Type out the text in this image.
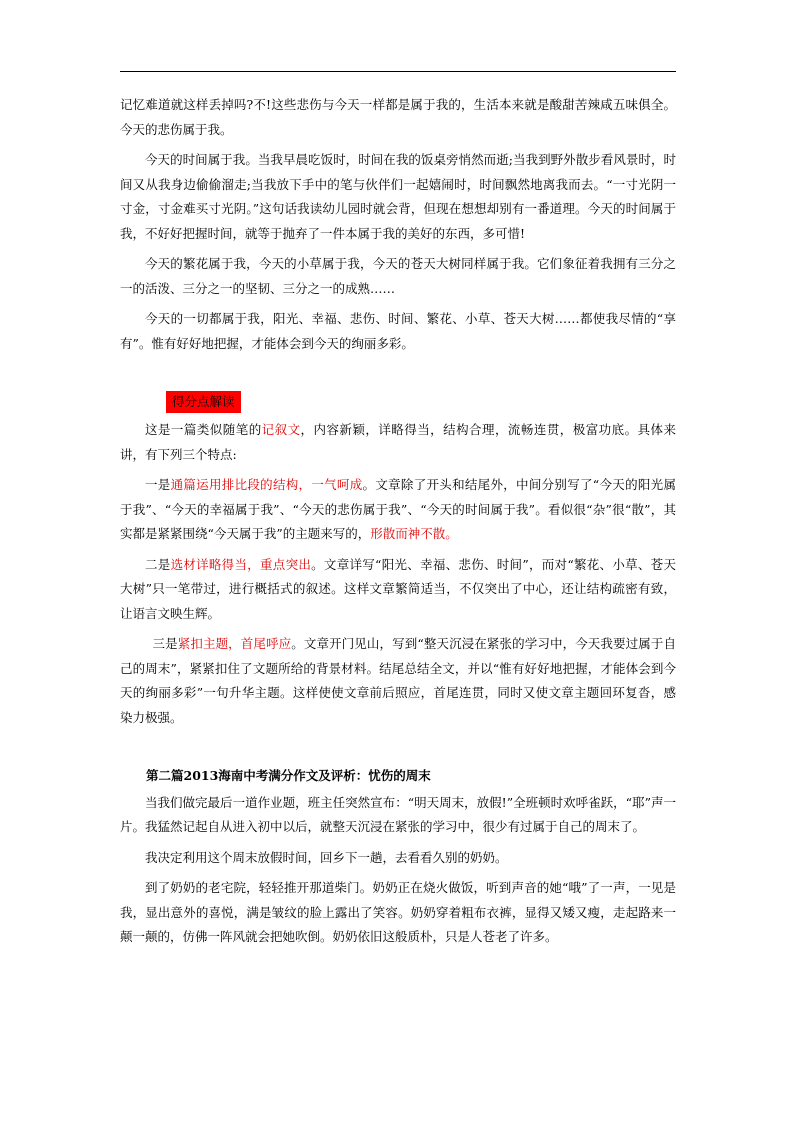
记忆难道就这样丢掉吗?不!这些悲伤与今天一样都是属于我的，生活本来就是酸甜苦辣咸五味俱全。今天的悲伤属于我。

今天的时间属于我。当我早晨吃饭时，时间在我的饭桌旁悄然而逝;当我到野外散步看风景时，时间又从我身边偷偷溜走;当我放下手中的笔与伙伴们一起嬉闹时，时间飘然地离我而去。“一寸光阴一寸金，寸金难买寸光阴。”这句话我读幼儿园时就会背，但现在想想却别有一番道理。今天的时间属于我，不好好把握时间，就等于抛弃了一件本属于我的美好的东西，多可惜!

今天的繁花属于我，今天的小草属于我，今天的苍天大树同样属于我。它们象征着我拥有三分之一的活泼、三分之一的坚韧、三分之一的成熟……

今天的一切都属于我，阳光、幸福、悲伤、时间、繁花、小草、苍天大树……都使我尽情的“享有”。惟有好好地把握，才能体会到今天的绚丽多彩。

得分点解读

这是一篇类似随笔的记叙文，内容新颖，详略得当，结构合理，流畅连贯，极富功底。具体来讲，有下列三个特点:

一是通篇运用排比段的结构，一气呵成。文章除了开头和结尾外，中间分别写了“今天的阳光属于我”、“今天的幸福属于我”、“今天的悲伤属于我”、“今天的时间属于我”。看似很“杂”很“散”，其实都是紧紧围绕“今天属于我”的主题来写的，形散而神不散。

二是选材详略得当，重点突出。文章详写“阳光、幸福、悲伤、时间”，而对“繁花、小草、苍天大树”只一笔带过，进行概括式的叙述。这样文章繁简适当，不仅突出了中心，还让结构疏密有致，让语言文映生辉。

三是紧扣主题，首尾呼应。文章开门见山，写到“整天沉浸在紧张的学习中，今天我要过属于自己的周末”，紧紧扣住了文题所给的背景材料。结尾总结全文，并以“惟有好好地把握，才能体会到今天的绚丽多彩”一句升华主题。这样使使文章前后照应，首尾连贯，同时又使文章主题回环复沓，感染力极强。

第二篇2013海南中考满分作文及评析：忧伤的周末

当我们做完最后一道作业题，班主任突然宣布：“明天周末，放假!”全班顿时欢呼雀跃，“耶”声一片。我猛然记起自从进入初中以后，就整天沉浸在紧张的学习中，很少有过属于自己的周末了。

我决定利用这个周末放假时间，回乡下一趟，去看看久别的奶奶。

到了奶奶的老宅院，轻轻推开那道柴门。奶奶正在烧火做饭，听到声音的她“哦”了一声，一见是我，显出意外的喜悦，满是皱纹的脸上露出了笑容。奶奶穿着粗布衣裤，显得又矮又瘦，走起路来一颠一颠的，仿佛一阵风就会把她吹倒。奶奶依旧这般质朴，只是人苍老了许多。
